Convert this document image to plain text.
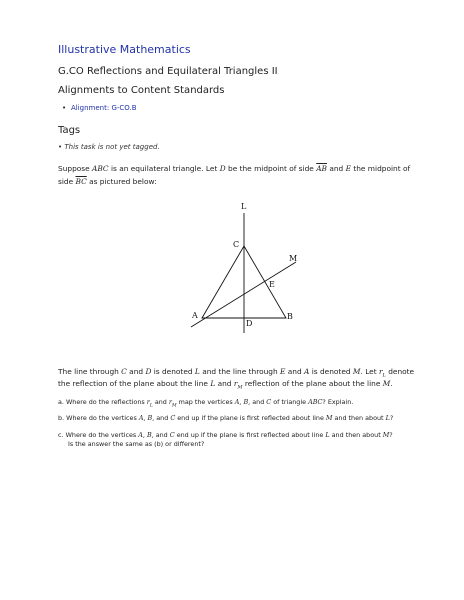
Illustrative Mathematics
G.CO Reflections and Equilateral Triangles II
Alignments to Content Standards
• Alignment: G-CO.B
Tags
• This task is not yet tagged.
Suppose ABC is an equilateral triangle. Let D be the midpoint of side $\overline{AB}$ and E the midpoint of
side $\overline{BC}$ as pictured below:
L
C
M
E
A	B
D
The line through C and D is denoted L and the line through E and A is denoted M. Let $r_L$ denote
the reflection of the plane about the line L and $r_M$ reflection of the plane about the line M.
a. Where do the reflections $r_L$ and $r_M$ map the vertices A, B, and C of triangle ABC? Explain.
b. Where do the vertices A, B, and C end up if the plane is first reflected about line M and then about L?
c. Where do the vertices A, B, and C end up if the plane is first reflected about line L and then about M?
Is the answer the same as (b) or different?
